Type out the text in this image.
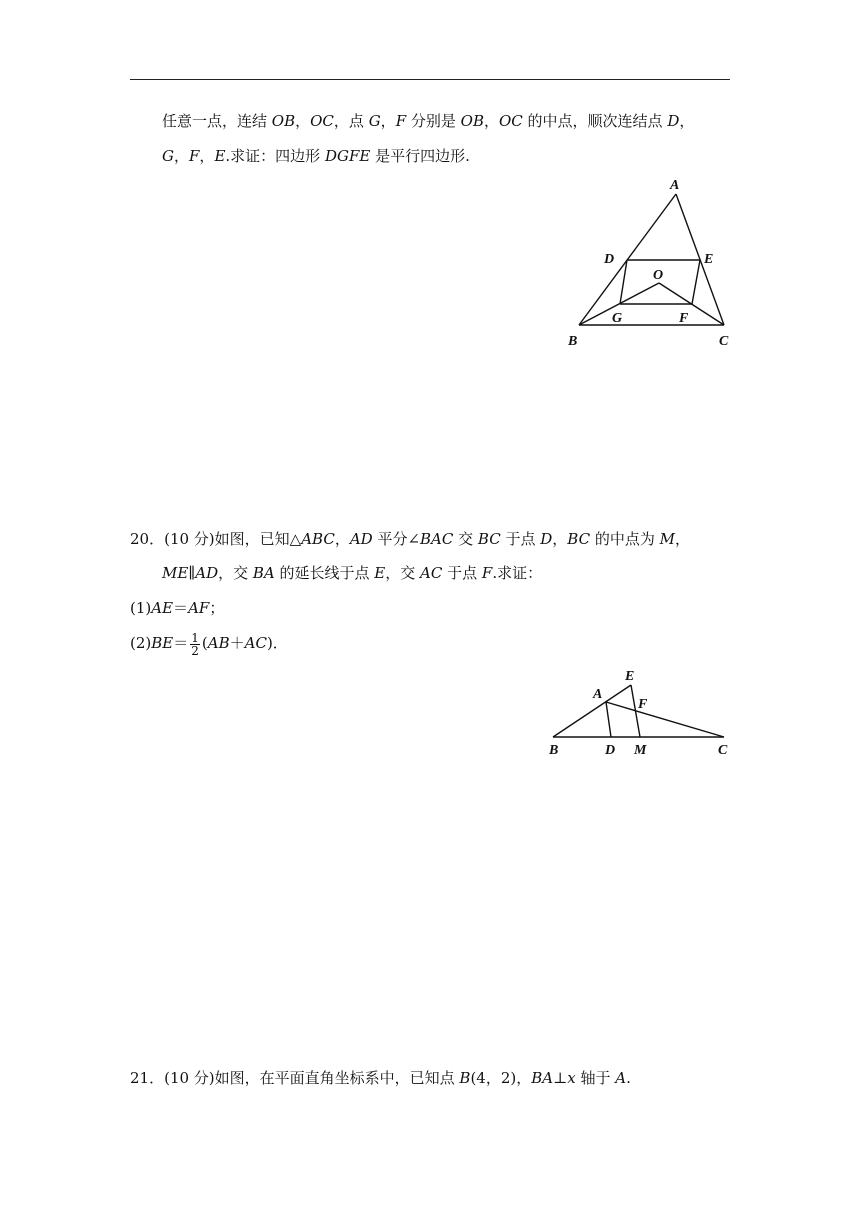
任意一点，连结 OB，OC，点 G，F 分别是 OB，OC 的中点，顺次连结点 D，
G，F，E.求证：四边形 DGFE 是平行四边形.
A
D	E
O
G	F
B	C
20．(10 分)如图，已知△ABC，AD 平分∠BAC 交 BC 于点 D，BC 的中点为 M，
ME∥AD，交 BA 的延长线于点 E，交 AC 于点 F.求证：
(1)AE＝AF；
$(2)BE= \frac{1}{2} (AB+AC)$．
E
A
F
B	D M	C
21．(10 分)如图，在平面直角坐标系中，已知点 B(4，2)，BA⊥x 轴于 A.
